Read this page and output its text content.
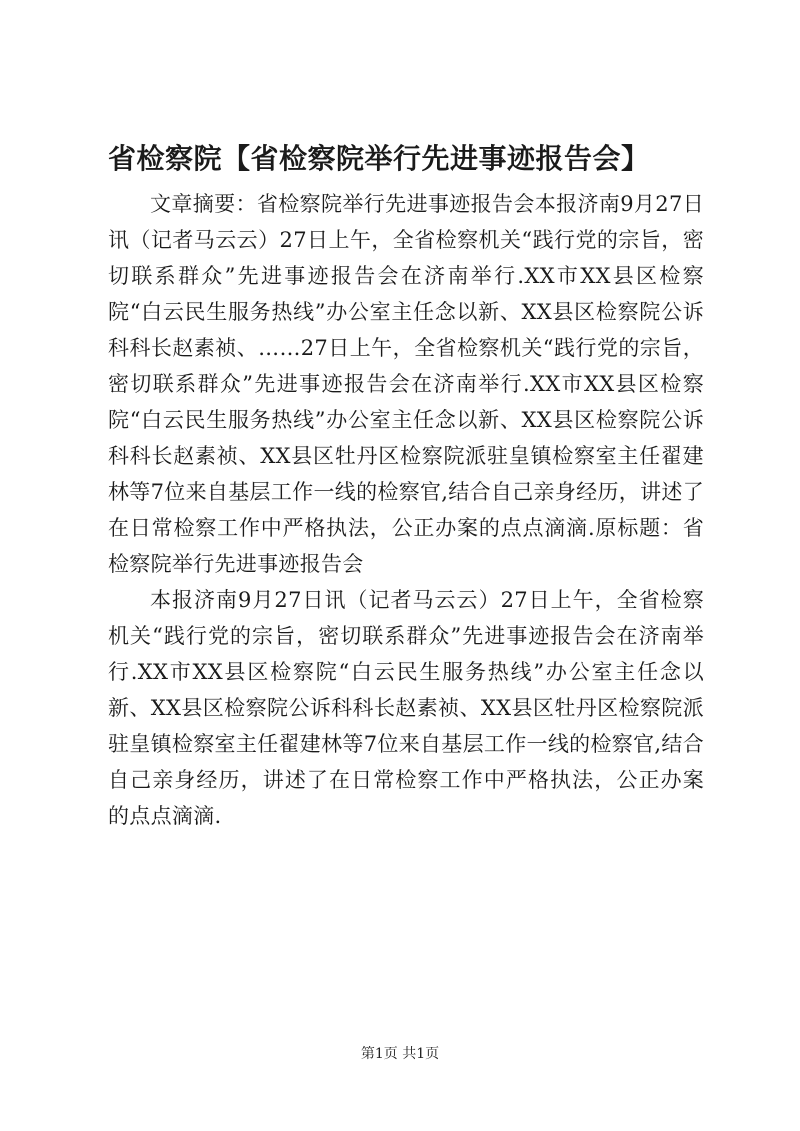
省检察院【省检察院举行先进事迹报告会】

文章摘要：省检察院举行先进事迹报告会本报济南9月27日讯（记者马云云）27日上午，全省检察机关“践行党的宗旨，密切联系群众”先进事迹报告会在济南举行.XX市XX县区检察院“白云民生服务热线”办公室主任念以新、XX县区检察院公诉科科长赵素祯、……27日上午，全省检察机关“践行党的宗旨，密切联系群众”先进事迹报告会在济南举行.XX市XX县区检察院“白云民生服务热线”办公室主任念以新、XX县区检察院公诉科科长赵素祯、XX县区牡丹区检察院派驻皇镇检察室主任翟建林等7位来自基层工作一线的检察官,结合自己亲身经历，讲述了在日常检察工作中严格执法，公正办案的点点滴滴.原标题：省检察院举行先进事迹报告会

本报济南9月27日讯（记者马云云）27日上午，全省检察机关“践行党的宗旨，密切联系群众”先进事迹报告会在济南举行.XX市XX县区检察院“白云民生服务热线”办公室主任念以新、XX县区检察院公诉科科长赵素祯、XX县区牡丹区检察院派驻皇镇检察室主任翟建林等7位来自基层工作一线的检察官,结合自己亲身经历，讲述了在日常检察工作中严格执法，公正办案的点点滴滴.

第1页 共1页
